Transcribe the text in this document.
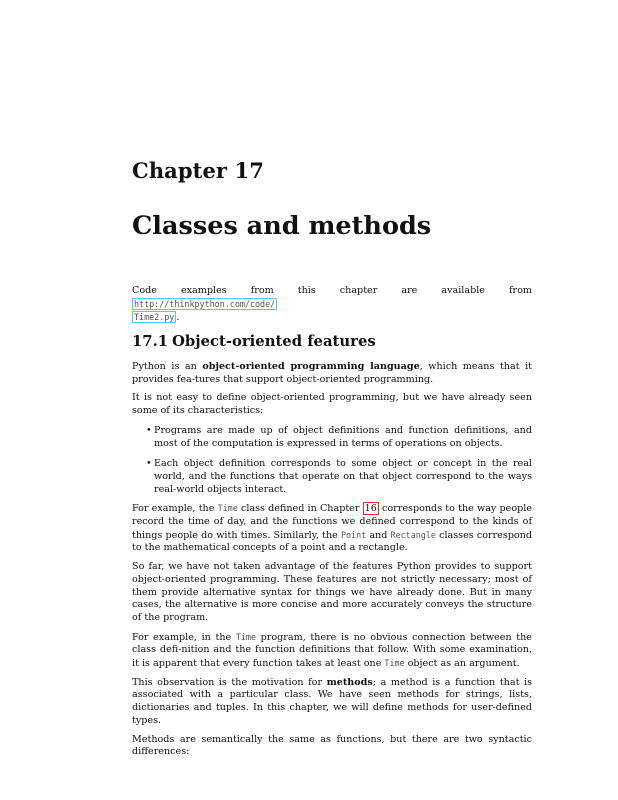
Chapter 17
Classes and methods

Code examples from this chapter are available from http://thinkpython.com/code/
Time2.py .

17.1 Object-oriented features

Python is an object-oriented programming language, which means that it provides fea-tures that support object-oriented programming.

It is not easy to define object-oriented programming, but we have already seen some of its characteristics:

• Programs are made up of object definitions and function definitions, and most of the computation is expressed in terms of operations on objects.
• Each object definition corresponds to some object or concept in the real world, and the functions that operate on that object correspond to the ways real-world objects interact.

For example, the Time class defined in Chapter 16 corresponds to the way people record the time of day, and the functions we defined correspond to the kinds of things people do with times. Similarly, the Point and Rectangle classes correspond to the mathematical concepts of a point and a rectangle.

So far, we have not taken advantage of the features Python provides to support object-oriented programming. These features are not strictly necessary; most of them provide alternative syntax for things we have already done. But in many cases, the alternative is more concise and more accurately conveys the structure of the program.

For example, in the Time program, there is no obvious connection between the class defi-nition and the function definitions that follow. With some examination, it is apparent that every function takes at least one Time object as an argument.

This observation is the motivation for methods; a method is a function that is associated with a particular class. We have seen methods for strings, lists, dictionaries and tuples. In this chapter, we will define methods for user-defined types.

Methods are semantically the same as functions, but there are two syntactic differences:
